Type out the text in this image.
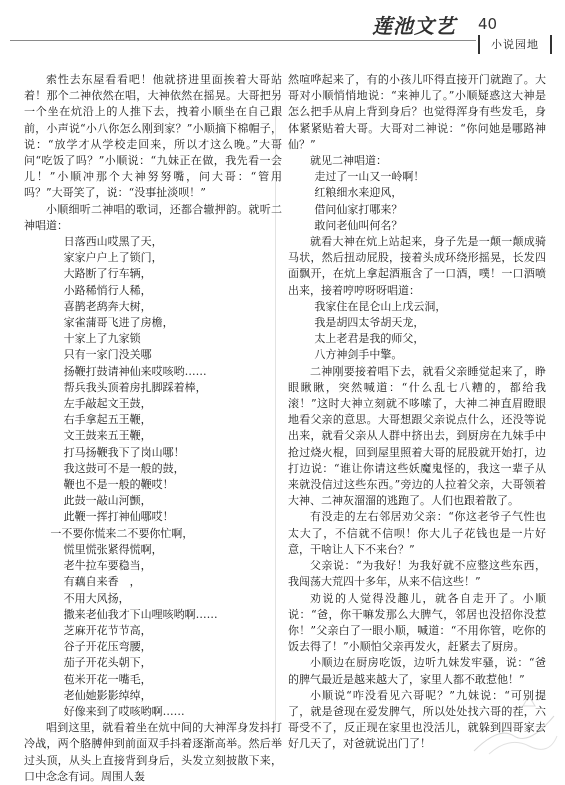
莲池文艺 40
小说园地

索性去东屋看看吧！他就挤进里面挨着大哥站着！那个二神依然在唱，大神依然在摇晃。大哥把另一个坐在炕沿上的人推下去，拽着小顺坐在自己跟前，小声说“小八你怎么刚到家？”小顺摘下棉帽子，说：“放学才从学校走回来，所以才这么晚。”大哥问“吃饭了吗？”小顺说：“九妹正在做，我先看一会儿！”小顺冲那个大神努努嘴，问大哥：“管用吗？”大哥笑了，说：“没事扯淡呗！”

小顺细听二神唱的歌词，还都合辙押韵。就听二神唱道：

日落西山哎黑了天，

家家户户上了锁门，

大路断了行车辆，

小路稀悄行人稀，

喜鹊老鸹奔大树，

家雀蒲哥飞进了房檐，

十家上了九家锁

只有一家门没关哪

扬鞭打鼓请神仙来哎咳哟……

帮兵我头顶着房扎脚踩着棒，

左手敲起文王鼓，

右手拿起五王鞭，

文王鼓来五王鞭，

打马扬鞭我下了岗山哪！

我这鼓可不是一般的鼓，

鞭也不是一般的鞭哎！

此鼓一敲山河颤，

此鞭一挥打神仙哪哎！

一不要你慌来二不要你忙啊，

慌里慌张紧得慌啊，

老牛拉车要稳当，

有藕自来香　，

不用大风扬，

撒来老仙我才下山哩咳哟啊……

芝麻开花节节高，

谷子开花压弯腰，

茄子开花头朝下，

苞米开花一嘴毛，

老仙她影影绰绰，

好像来到了哎咳哟啊……

唱到这里，就看着坐在炕中间的大神浑身发抖打冷战，两个胳膊伸到前面双手抖着逐渐高举。然后举过头顶，从头上直接背到身后，头发立刻披散下来，口中念念有词。周围人轰

然喧哗起来了，有的小孩儿吓得直接开门就跑了。大哥对小顺悄悄地说：“来神儿了。”小顺疑惑这大神是怎么把手从肩上背到身后？也觉得浑身有些发毛，身体紧紧贴着大哥。大哥对二神说：“你问她是哪路神仙？”

就见二神唱道：

走过了一山又一岭啊！

红粮细水来迎风，

借问仙家打哪来？

敢问老仙叫何名？

就看大神在炕上站起来，身子先是一颠一颠成骑马状，然后扭动屁股，接着头成环绕形摇晃，长发四面飘开，在炕上拿起酒瓶含了一口酒，噗！一口酒喷出来，接着哼哼呀呀唱道：

我家住在昆仑山上戊云洞，

我是胡四太爷胡天龙，

太上老君是我的师父，

八方神剑手中擎。

二神刚要接着唱下去，就看父亲睡觉起来了，睁眼瞅瞅，突然喊道：“什么乱七八糟的，都给我滚！”这时大神立刻就不哆嗦了，大神二神直眉瞪眼地看父亲的意思。大哥想跟父亲说点什么，还没等说出来，就看父亲从人群中挤出去，到厨房在九妹手中抢过烧火棍，回到屋里照着大哥的屁股就开始打，边打边说：“谁让你请这些妖魔鬼怪的，我这一辈子从来就没信过这些东西。”旁边的人拉着父亲，大哥领着大神、二神灰溜溜的逃跑了。人们也跟着散了。

有没走的左右邻居劝父亲：“你这老爷子气性也太大了，不信就不信呗！你大儿子花钱也是一片好意，干啥让人下不来台？”

父亲说：“为我好！为我好就不应整这些东西，我闯荡大荒四十多年，从来不信这些！”

劝说的人觉得没趣儿，就各自走开了。小顺说：“爸，你干嘛发那么大脾气，邻居也没招你没惹你！”父亲白了一眼小顺，喊道：“不用你管，吃你的饭去得了！”小顺怕父亲再发火，赶紧去了厨房。

小顺边在厨房吃饭，边听九妹发牢骚，说：“爸的脾气最近是越来越大了，家里人都不敢惹他！”

小顺说“咋没看见六哥呢？”九妹说：“可别提了，就是爸现在爱发脾气，所以处处找六哥的茬，六哥受不了，反正现在家里也没活儿，就躲到四哥家去好几天了，对爸就说出门了！
